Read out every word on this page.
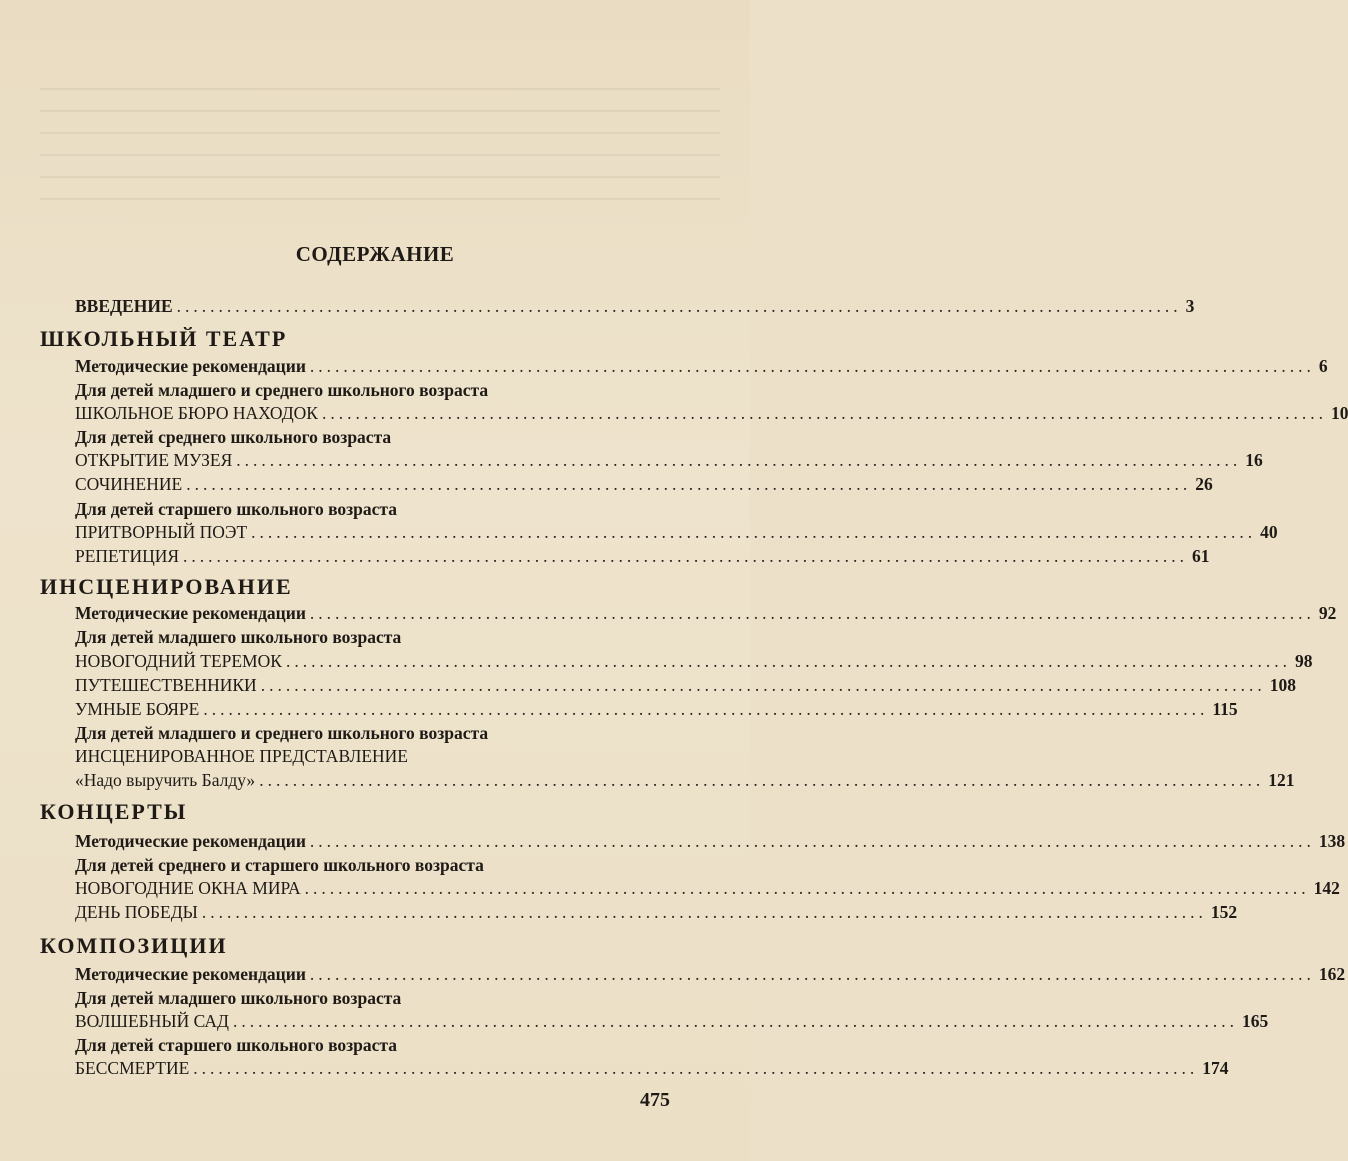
СОДЕРЖАНИЕ
ВВЕДЕНИЕ ........................................................................................................................ 3
ШКОЛЬНЫЙ ТЕАТР
Методические рекомендации ........................................................................................................................ 6
Для детей младшего и среднего школьного возраста
ШКОЛЬНОЕ БЮРО НАХОДОК ........................................................................................................................ 10
Для детей среднего школьного возраста
ОТКРЫТИЕ МУЗЕЯ ........................................................................................................................ 16
СОЧИНЕНИЕ ........................................................................................................................ 26
Для детей старшего школьного возраста
ПРИТВОРНЫЙ ПОЭТ ........................................................................................................................ 40
РЕПЕТИЦИЯ ........................................................................................................................ 61
ИНСЦЕНИРОВАНИЕ
Методические рекомендации ........................................................................................................................ 92
Для детей младшего школьного возраста
НОВОГОДНИЙ ТЕРЕМОК ........................................................................................................................ 98
ПУТЕШЕСТВЕННИКИ ........................................................................................................................ 108
УМНЫЕ БОЯРЕ ........................................................................................................................ 115
Для детей младшего и среднего школьного возраста
ИНСЦЕНИРОВАННОЕ ПРЕДСТАВЛЕНИЕ
«Надо выручить Балду» ........................................................................................................................ 121
КОНЦЕРТЫ
Методические рекомендации ........................................................................................................................ 138
Для детей среднего и старшего школьного возраста
НОВОГОДНИЕ ОКНА МИРА ........................................................................................................................ 142
ДЕНЬ ПОБЕДЫ ........................................................................................................................ 152
КОМПОЗИЦИИ
Методические рекомендации ........................................................................................................................ 162
Для детей младшего школьного возраста
ВОЛШЕБНЫЙ САД ........................................................................................................................ 165
Для детей старшего школьного возраста
БЕССМЕРТИЕ ........................................................................................................................ 174
475
